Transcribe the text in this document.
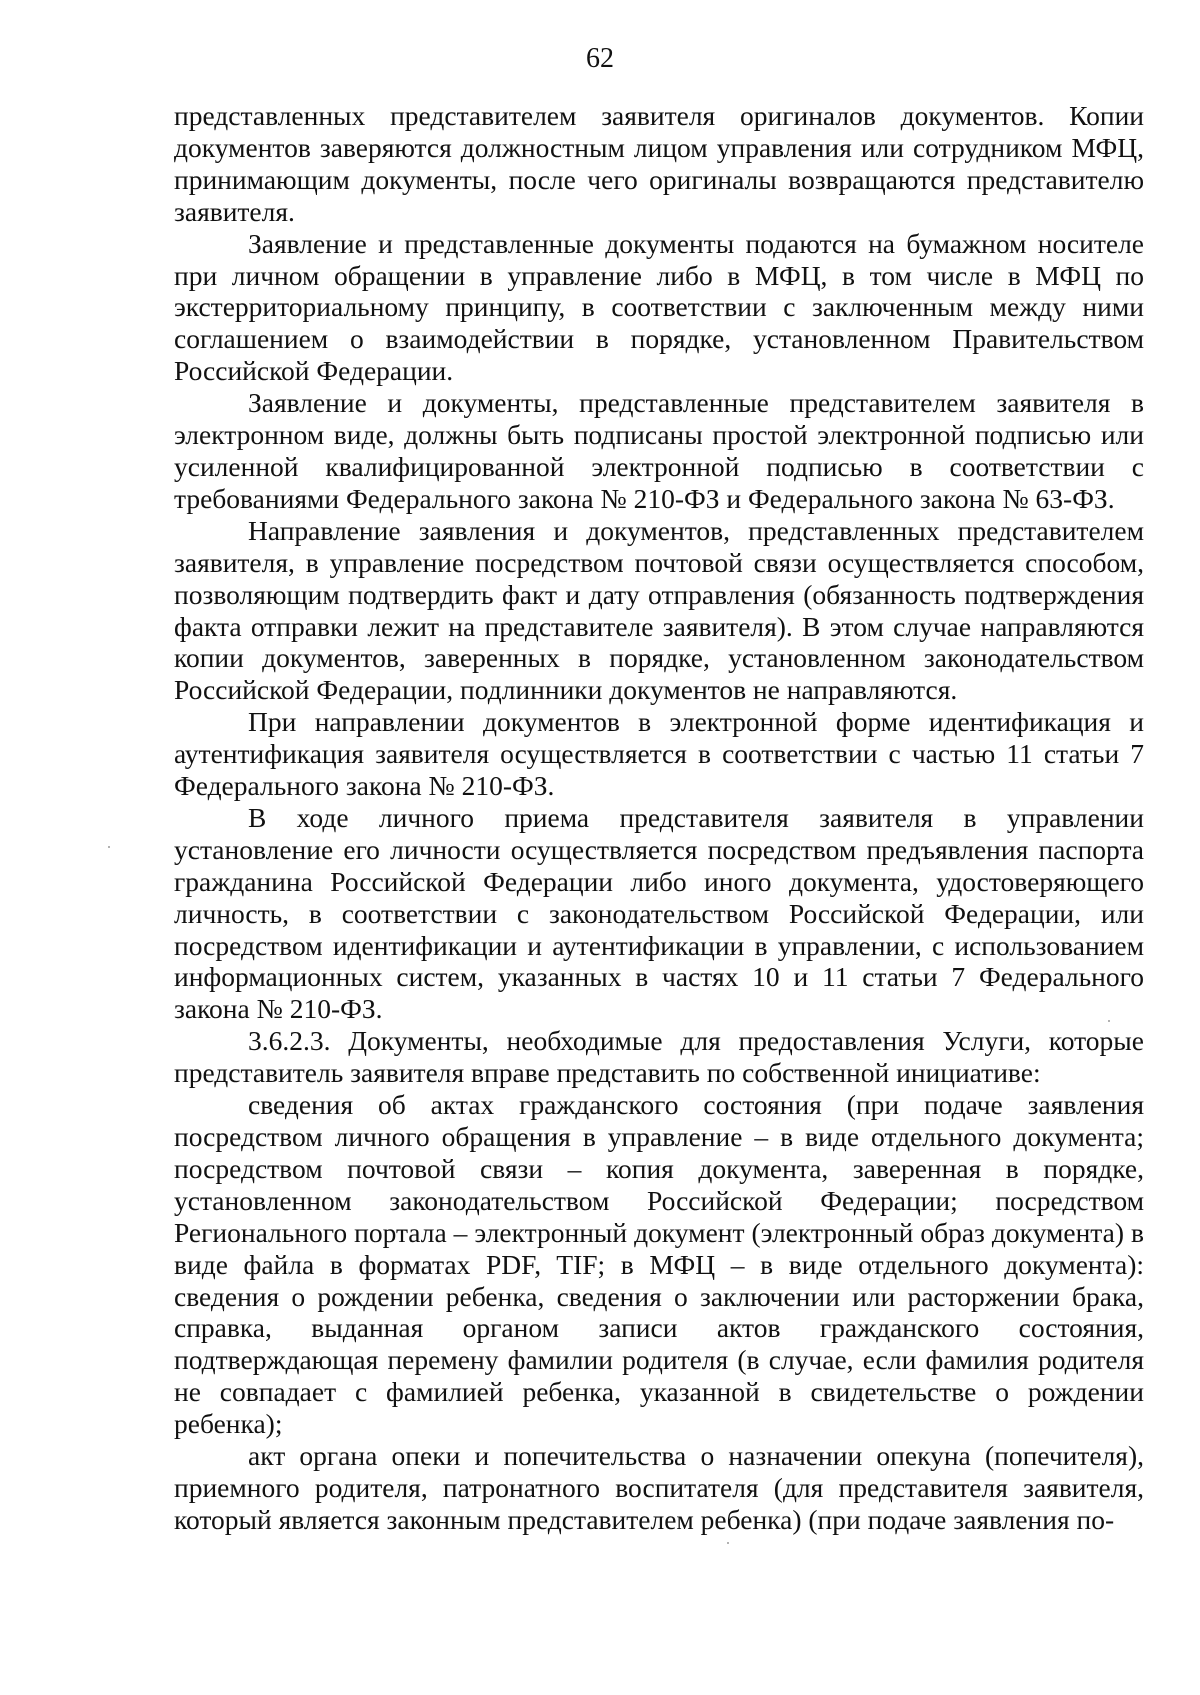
62

представленных представителем заявителя оригиналов документов. Копии документов заверяются должностным лицом управления или сотрудником МФЦ, принимающим документы, после чего оригиналы возвращаются представителю заявителя.

Заявление и представленные документы подаются на бумажном носителе при личном обращении в управление либо в МФЦ, в том числе в МФЦ по экстерриториальному принципу, в соответствии с заключенным между ними соглашением о взаимодействии в порядке, установленном Правительством Российской Федерации.

Заявление и документы, представленные представителем заявителя в электронном виде, должны быть подписаны простой электронной подписью или усиленной квалифицированной электронной подписью в соответствии с требованиями Федерального закона № 210-ФЗ и Федерального закона № 63-ФЗ.

Направление заявления и документов, представленных представителем заявителя, в управление посредством почтовой связи осуществляется способом, позволяющим подтвердить факт и дату отправления (обязанность подтверждения факта отправки лежит на представителе заявителя). В этом случае направляются копии документов, заверенных в порядке, установленном законодательством Российской Федерации, подлинники документов не направляются.

При направлении документов в электронной форме идентификация и аутентификация заявителя осуществляется в соответствии с частью 11 статьи 7 Федерального закона № 210-ФЗ.

В ходе личного приема представителя заявителя в управлении установление его личности осуществляется посредством предъявления паспорта гражданина Российской Федерации либо иного документа, удостоверяющего личность, в соответствии с законодательством Российской Федерации, или посредством идентификации и аутентификации в управлении, с использованием информационных систем, указанных в частях 10 и 11 статьи 7 Федерального закона № 210-ФЗ.

3.6.2.3. Документы, необходимые для предоставления Услуги, которые представитель заявителя вправе представить по собственной инициативе:

сведения об актах гражданского состояния (при подаче заявления посредством личного обращения в управление – в виде отдельного документа; посредством почтовой связи – копия документа, заверенная в порядке, установленном законодательством Российской Федерации; посредством Регионального портала – электронный документ (электронный образ документа) в виде файла в форматах PDF, TIF; в МФЦ – в виде отдельного документа): сведения о рождении ребенка, сведения о заключении или расторжении брака, справка, выданная органом записи актов гражданского состояния, подтверждающая перемену фамилии родителя (в случае, если фамилия родителя не совпадает с фамилией ребенка, указанной в свидетельстве о рождении ребенка);

акт органа опеки и попечительства о назначении опекуна (попечителя), приемного родителя, патронатного воспитателя (для представителя заявителя, который является законным представителем ребенка) (при подаче заявления по-
